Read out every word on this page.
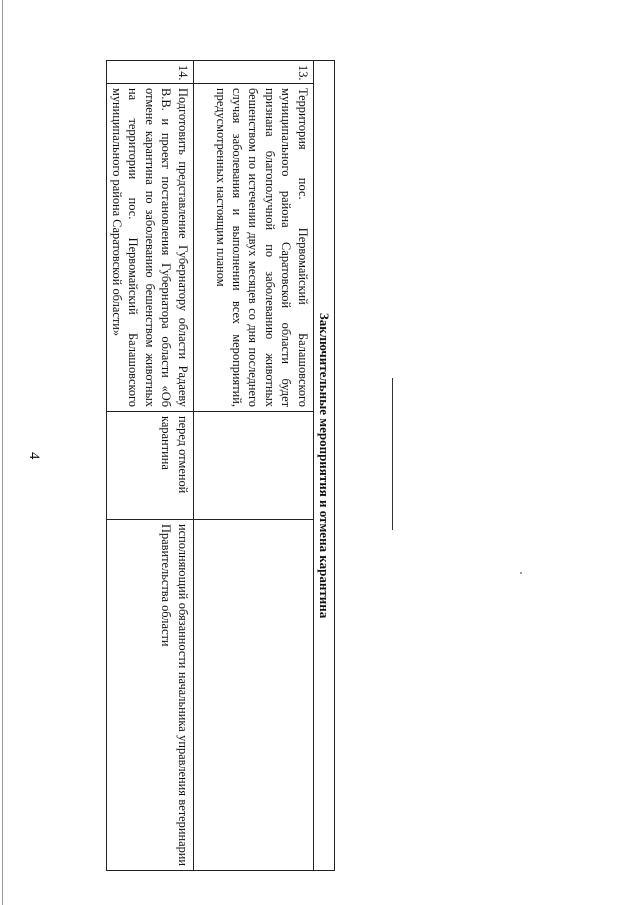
4	Заключительные мероприятия и отмена карантина			
13.	Территория пос. Первомайский Балашовского муниципального района Саратовской области будет признана благополучной по заболеванию животных бешенством по истечении двух месяцев со дня последнего случая заболевания и выполнении всех мероприятий, предусмотренных настоящим планом		
14.	Подготовить представление Губернатору области Радаеву В.В. и проект постановления Губернатора области «Об отмене карантина по заболеванию бешенством животных на территории пос. Первомайский Балашовского муниципального района Саратовской области»	перед отменой карантина	исполняющий обязанности начальника управления ветеринарии Правительства области
